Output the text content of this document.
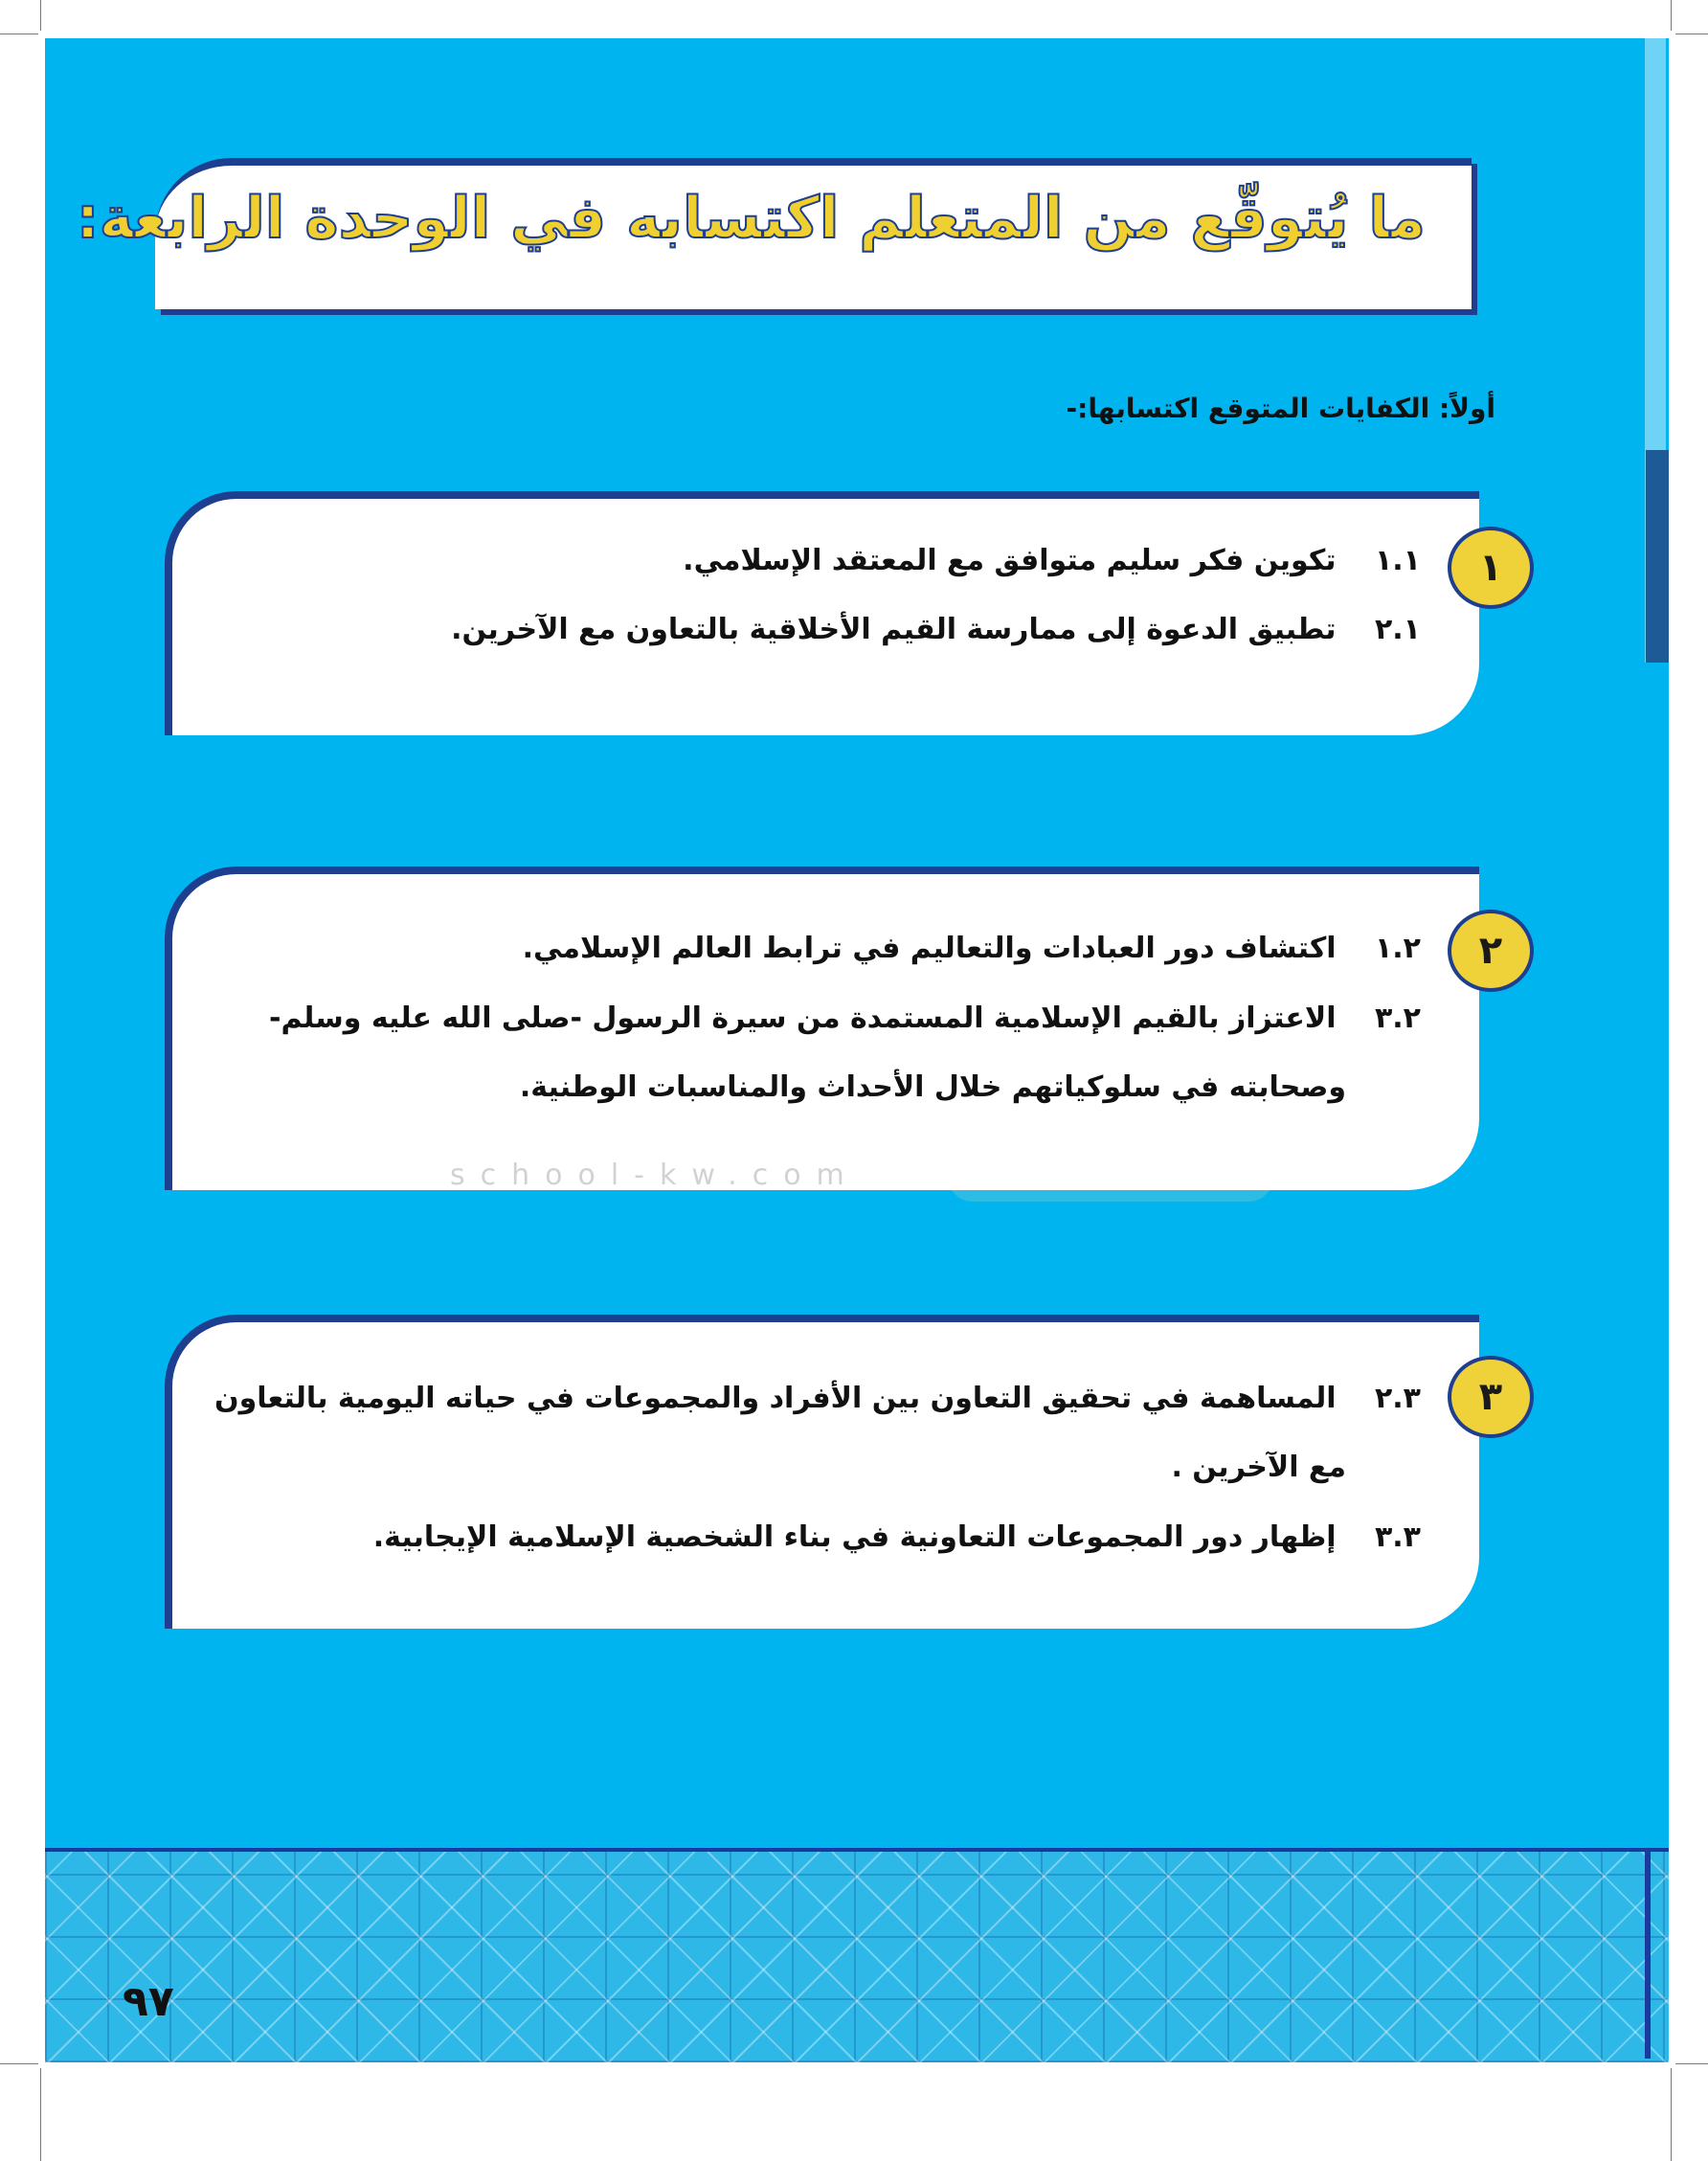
ما يُتوقّع من المتعلم اكتسابه في الوحدة الرابعة:
أولاً: الكفايات المتوقع اكتسابها:-
١
١.١ تكوين فكر سليم متوافق مع المعتقد الإسلامي.
٢.١ تطبيق الدعوة إلى ممارسة القيم الأخلاقية بالتعاون مع الآخرين.
٢
١.٢ اكتشاف دور العبادات والتعاليم في ترابط العالم الإسلامي.
٣.٢ الاعتزاز بالقيم الإسلامية المستمدة من سيرة الرسول -صلى الله عليه وسلم-
وصحابته في سلوكياتهم خلال الأحداث والمناسبات الوطنية.
school-kw.com
٣
٢.٣ المساهمة في تحقيق التعاون بين الأفراد والمجموعات في حياته اليومية بالتعاون
مع الآخرين .
٣.٣ إظهار دور المجموعات التعاونية في بناء الشخصية الإسلامية الإيجابية.
٩٧
